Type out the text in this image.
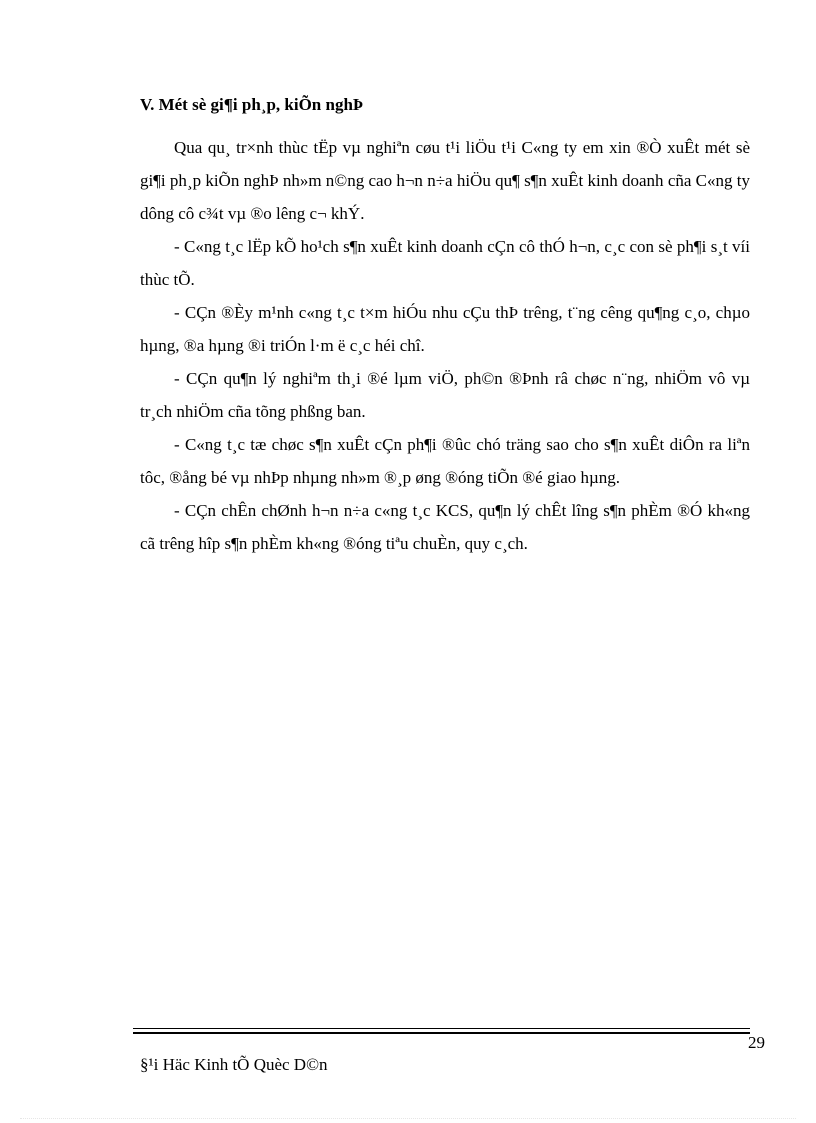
V. Mét sè gi¶i ph¸p, kiÕn nghÞ

Qua qu¸ tr×nh thùc tËp vµ nghiªn cøu t¹i liÖu t¹i C«ng ty em xin ®Ò xuÊt mét sè gi¶i ph¸p kiÕn nghÞ nh»m n©ng cao h¬n n÷a hiÖu qu¶ s¶n xuÊt kinh doanh cña C«ng ty dông cô c¾t vµ ®o lêng c¬ khÝ.

- C«ng t¸c lËp kÕ ho¹ch s¶n xuÊt kinh doanh cÇn cô thÓ h¬n, c¸c con sè ph¶i s¸t víi thùc tÕ.

- CÇn ®Èy m¹nh c«ng t¸c t×m hiÓu nhu cÇu thÞ trêng, t¨ng cêng qu¶ng c¸o, chµo hµng, ®a hµng ®i triÓn l·m ë c¸c héi chî.

- CÇn qu¶n lý nghiªm th¸i ®é lµm viÖ, ph©n ®Þnh râ chøc n¨ng, nhiÖm vô vµ tr¸ch nhiÖm cña tõng phßng ban.

- C«ng t¸c tæ chøc s¶n xuÊt cÇn ph¶i ®ûc chó träng sao cho s¶n xuÊt diÔn ra liªn tôc, ®ång bé vµ nhÞp nhµng nh»m ®¸p øng ®óng tiÕn ®é giao hµng.

- CÇn chÊn chØnh h¬n n÷a c«ng t¸c KCS, qu¶n lý chÊt lîng s¶n phÈm ®Ó kh«ng cã trêng hîp s¶n phÈm kh«ng ®óng tiªu chuÈn, quy c¸ch.

29
§¹i Häc Kinh tÕ Quèc D©n
